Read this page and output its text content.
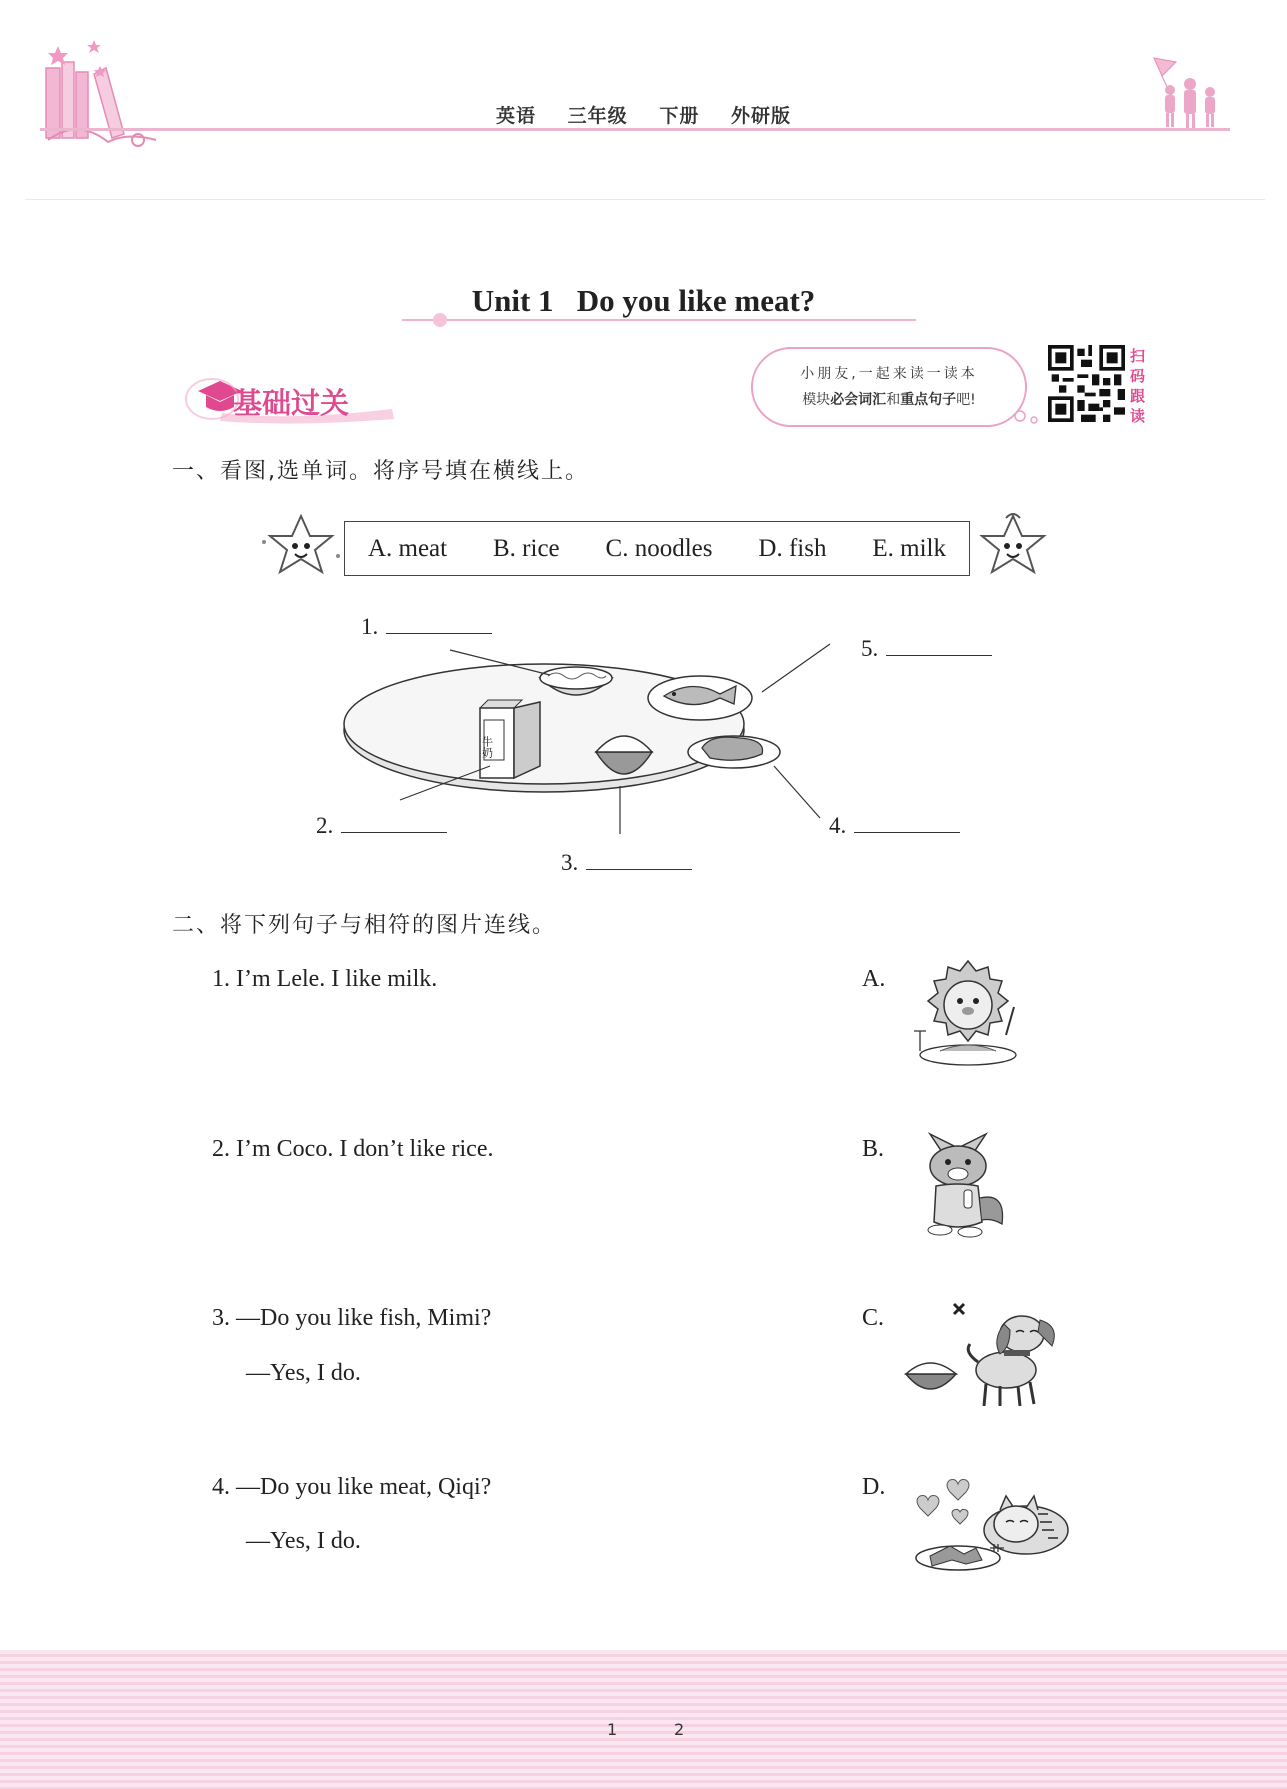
英语 三年级 下册 外研版
Unit 1   Do you like meat?
基础过关
小朋友,一起来读一读本
模块必会词汇和重点句子吧!
扫码跟读
一、看图,选单词。将序号填在横线上。
A. meat B. rice C. noodles D. fish E. milk
牛奶
1.
5.
2.	4.
3.
二、将下列句子与相符的图片连线。
1. I’m Lele. I like milk.
2. I’m Coco. I don’t like rice.
3. —Do you like fish, Mimi?
—Yes, I do.
4. —Do you like meat, Qiqi?
—Yes, I do.
A.
B.
C.
D.
1	2
